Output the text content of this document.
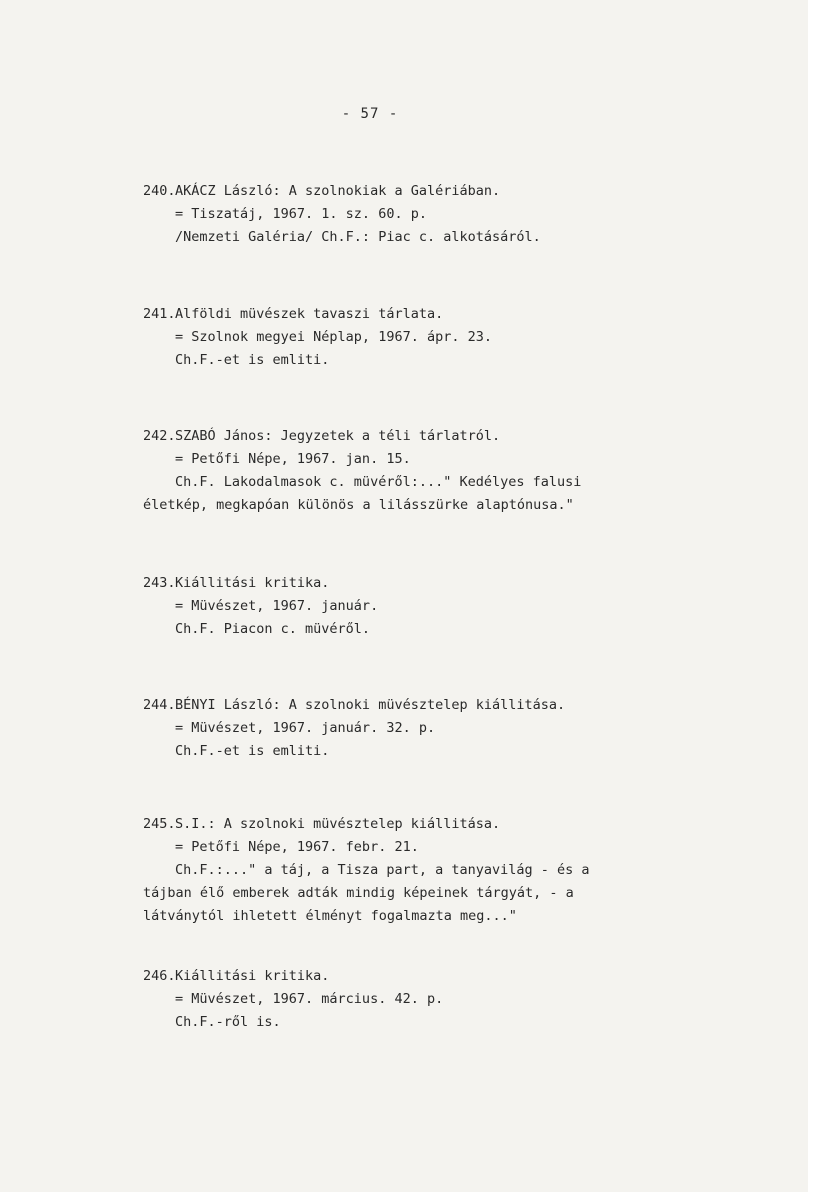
- 57 -
240. AKÁCZ László: A szolnokiak a Galériában.
= Tiszatáj, 1967. 1. sz. 60. p.
/Nemzeti Galéria/ Ch.F.: Piac c. alkotásáról.
241. Alföldi müvészek tavaszi tárlata.
= Szolnok megyei Néplap, 1967. ápr. 23.
Ch.F.-et is emliti.
242. SZABÓ János: Jegyzetek a téli tárlatról.
= Petőfi Népe, 1967. jan. 15.
Ch.F. Lakodalmasok c. müvéről:..." Kedélyes falusi
életkép, megkapóan különös a lilásszürke alaptónusa."
243. Kiállitási kritika.
= Müvészet, 1967. január.
Ch.F. Piacon c. müvéről.
244. BÉNYI László: A szolnoki müvésztelep kiállitása.
= Müvészet, 1967. január. 32. p.
Ch.F.-et is emliti.
245. S.I.: A szolnoki müvésztelep kiállitása.
= Petőfi Népe, 1967. febr. 21.
Ch.F.:..." a táj, a Tisza part, a tanyavilág - és a
tájban élő emberek adták mindig képeinek tárgyát, - a
látványtól ihletett élményt fogalmazta meg..."
246. Kiállitási kritika.
= Müvészet, 1967. március. 42. p.
Ch.F.-ről is.
